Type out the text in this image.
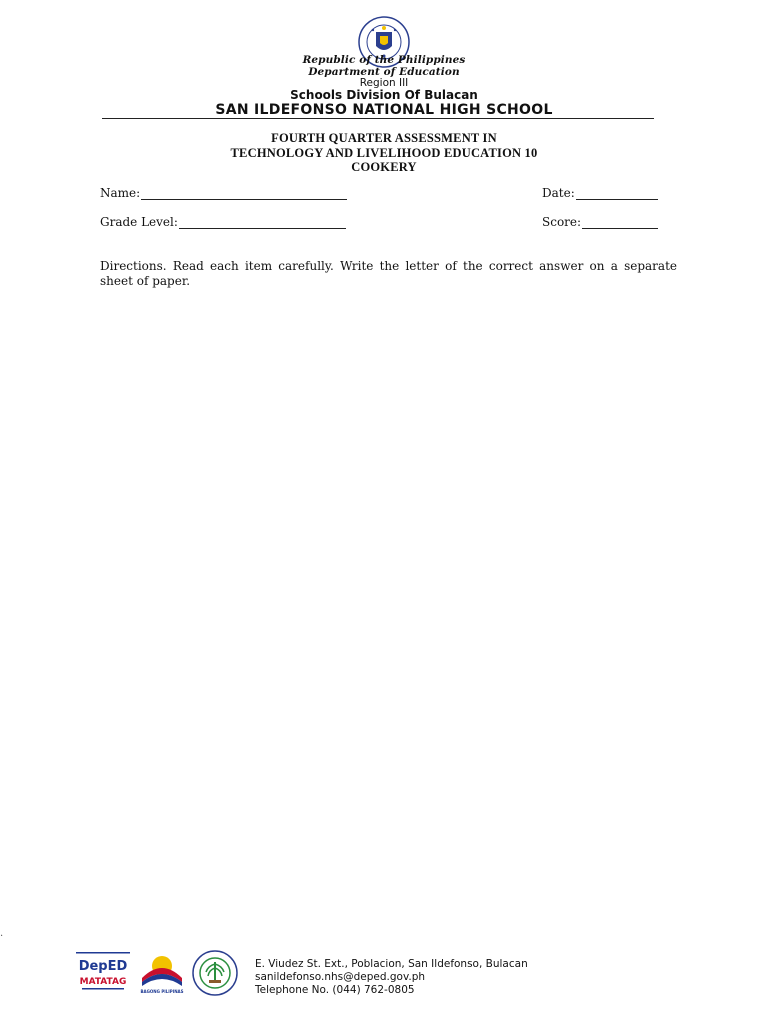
Republic of the Philippines
Department of Education
Region III
Schools Division Of Bulacan
SAN ILDEFONSO NATIONAL HIGH SCHOOL
FOURTH QUARTER ASSESSMENT IN
TECHNOLOGY AND LIVELIHOOD EDUCATION 10
COOKERY
Name:	Date:
Grade Level:	Score:
Directions. Read each item carefully. Write the letter of the correct answer on a separate sheet of paper.
.
DepED
MATATAG
BAGONG PILIPINAS
E. Viudez St. Ext., Poblacion, San Ildefonso, Bulacan
sanildefonso.nhs@deped.gov.ph
Telephone No. (044) 762-0805
